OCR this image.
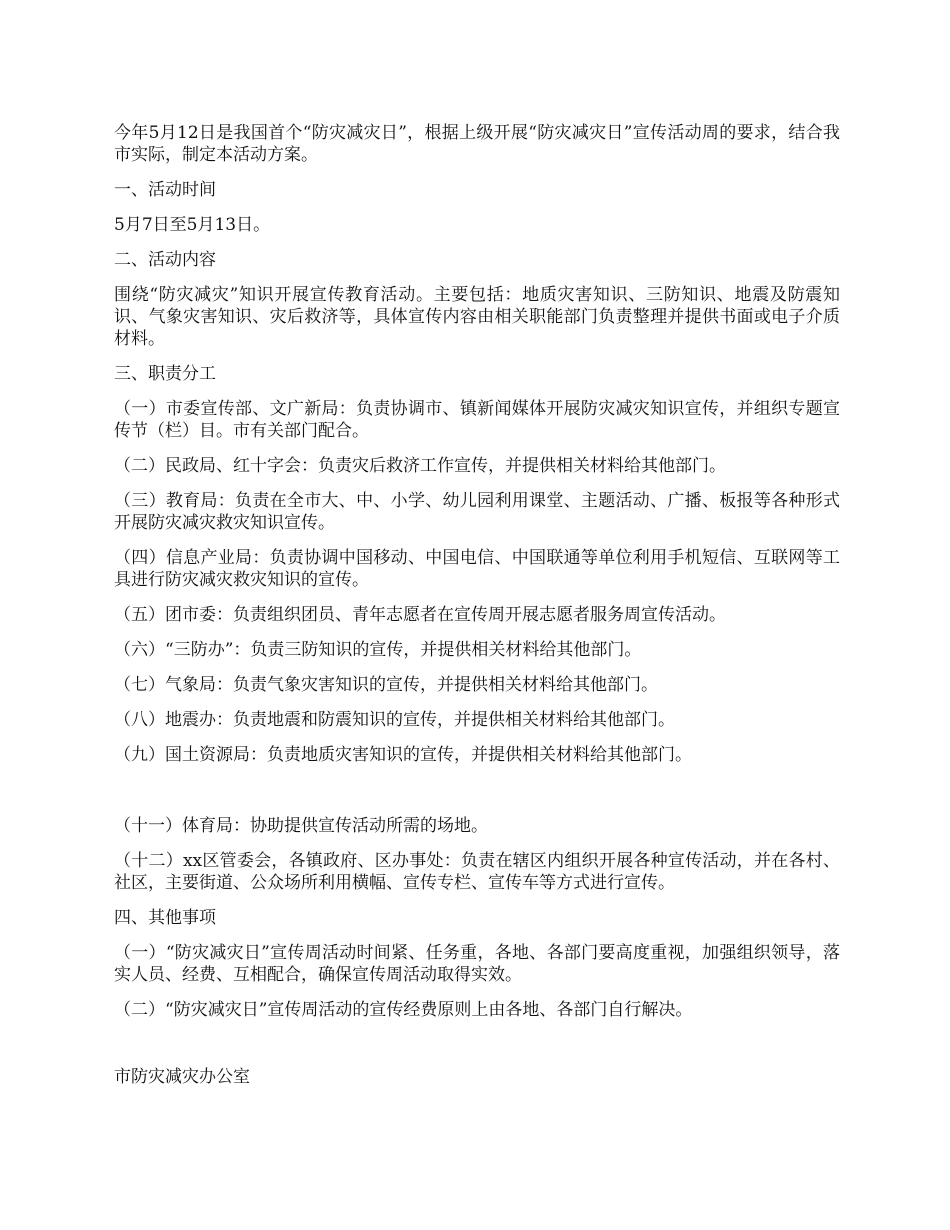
今年5月12日是我国首个“防灾减灾日”，根据上级开展“防灾减灾日”宣传活动周的要求，结合我市实际，制定本活动方案。

一、活动时间

5月7日至5月13日。

二、活动内容

围绕“防灾减灾”知识开展宣传教育活动。主要包括：地质灾害知识、三防知识、地震及防震知识、气象灾害知识、灾后救济等，具体宣传内容由相关职能部门负责整理并提供书面或电子介质材料。

三、职责分工

（一）市委宣传部、文广新局：负责协调市、镇新闻媒体开展防灾减灾知识宣传，并组织专题宣传节（栏）目。市有关部门配合。

（二）民政局、红十字会：负责灾后救济工作宣传，并提供相关材料给其他部门。

（三）教育局：负责在全市大、中、小学、幼儿园利用课堂、主题活动、广播、板报等各种形式开展防灾减灾救灾知识宣传。

（四）信息产业局：负责协调中国移动、中国电信、中国联通等单位利用手机短信、互联网等工具进行防灾减灾救灾知识的宣传。

（五）团市委：负责组织团员、青年志愿者在宣传周开展志愿者服务周宣传活动。

（六）“三防办”：负责三防知识的宣传，并提供相关材料给其他部门。

（七）气象局：负责气象灾害知识的宣传，并提供相关材料给其他部门。

（八）地震办：负责地震和防震知识的宣传，并提供相关材料给其他部门。

（九）国土资源局：负责地质灾害知识的宣传，并提供相关材料给其他部门。

（十一）体育局：协助提供宣传活动所需的场地。

（十二）xx区管委会，各镇政府、区办事处：负责在辖区内组织开展各种宣传活动，并在各村、社区，主要街道、公众场所利用横幅、宣传专栏、宣传车等方式进行宣传。

四、其他事项

（一）“防灾减灾日”宣传周活动时间紧、任务重，各地、各部门要高度重视，加强组织领导，落实人员、经费、互相配合，确保宣传周活动取得实效。

（二）“防灾减灾日”宣传周活动的宣传经费原则上由各地、各部门自行解决。

市防灾减灾办公室
